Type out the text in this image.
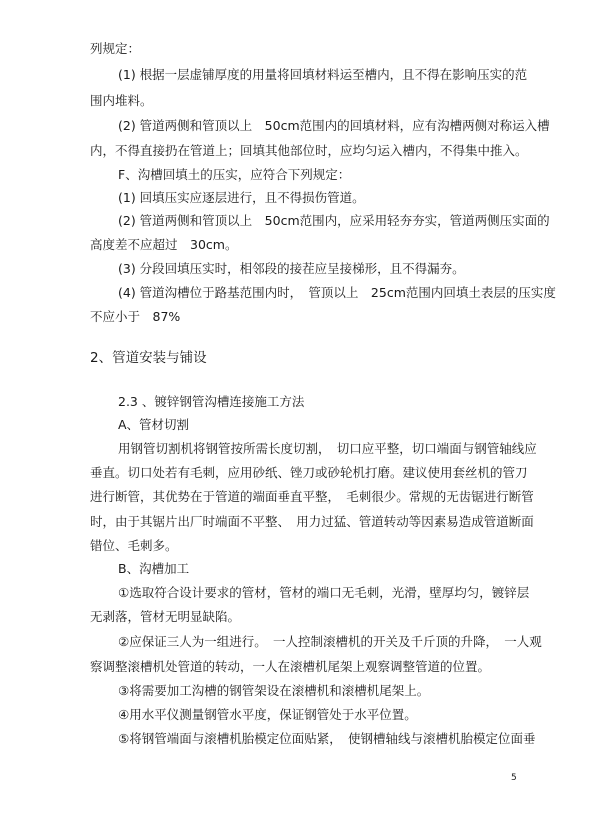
列规定：
(1) 根据一层虚铺厚度的用量将回填材料运至槽内，且不得在影响压实的范
围内堆料。
(2) 管道两侧和管顶以上　50cm范围内的回填材料，应有沟槽两侧对称运入槽
内，不得直接扔在管道上；回填其他部位时，应均匀运入槽内，不得集中推入。
F、沟槽回填土的压实，应符合下列规定：
(1) 回填压实应逐层进行，且不得损伤管道。
(2) 管道两侧和管顶以上　50cm范围内，应采用轻夯夯实，管道两侧压实面的
高度差不应超过　30cm。
(3) 分段回填压实时，相邻段的接茬应呈接梯形，且不得漏夯。
(4) 管道沟槽位于路基范围内时，　管顶以上　25cm范围内回填土表层的压实度
不应小于　87%
2、管道安装与铺设
2.3 、镀锌钢管沟槽连接施工方法
A、管材切割
用钢管切割机将钢管按所需长度切割，　切口应平整，切口端面与钢管轴线应
垂直。切口处若有毛刺，应用砂纸、锉刀或砂轮机打磨。建议使用套丝机的管刀
进行断管，其优势在于管道的端面垂直平整，　毛刺很少。常规的无齿锯进行断管
时，由于其锯片出厂时端面不平整、　用力过猛、管道转动等因素易造成管道断面
错位、毛刺多。
B、沟槽加工
①选取符合设计要求的管材，管材的端口无毛刺，光滑，壁厚均匀，镀锌层
无剥落，管材无明显缺陷。
②应保证三人为一组进行。　一人控制滚槽机的开关及千斤顶的升降，　一人观
察调整滚槽机处管道的转动，一人在滚槽机尾架上观察调整管道的位置。
③将需要加工沟槽的钢管架设在滚槽机和滚槽机尾架上。
④用水平仪测量钢管水平度，保证钢管处于水平位置。
⑤将钢管端面与滚槽机胎模定位面贴紧，　使钢槽轴线与滚槽机胎模定位面垂
5
